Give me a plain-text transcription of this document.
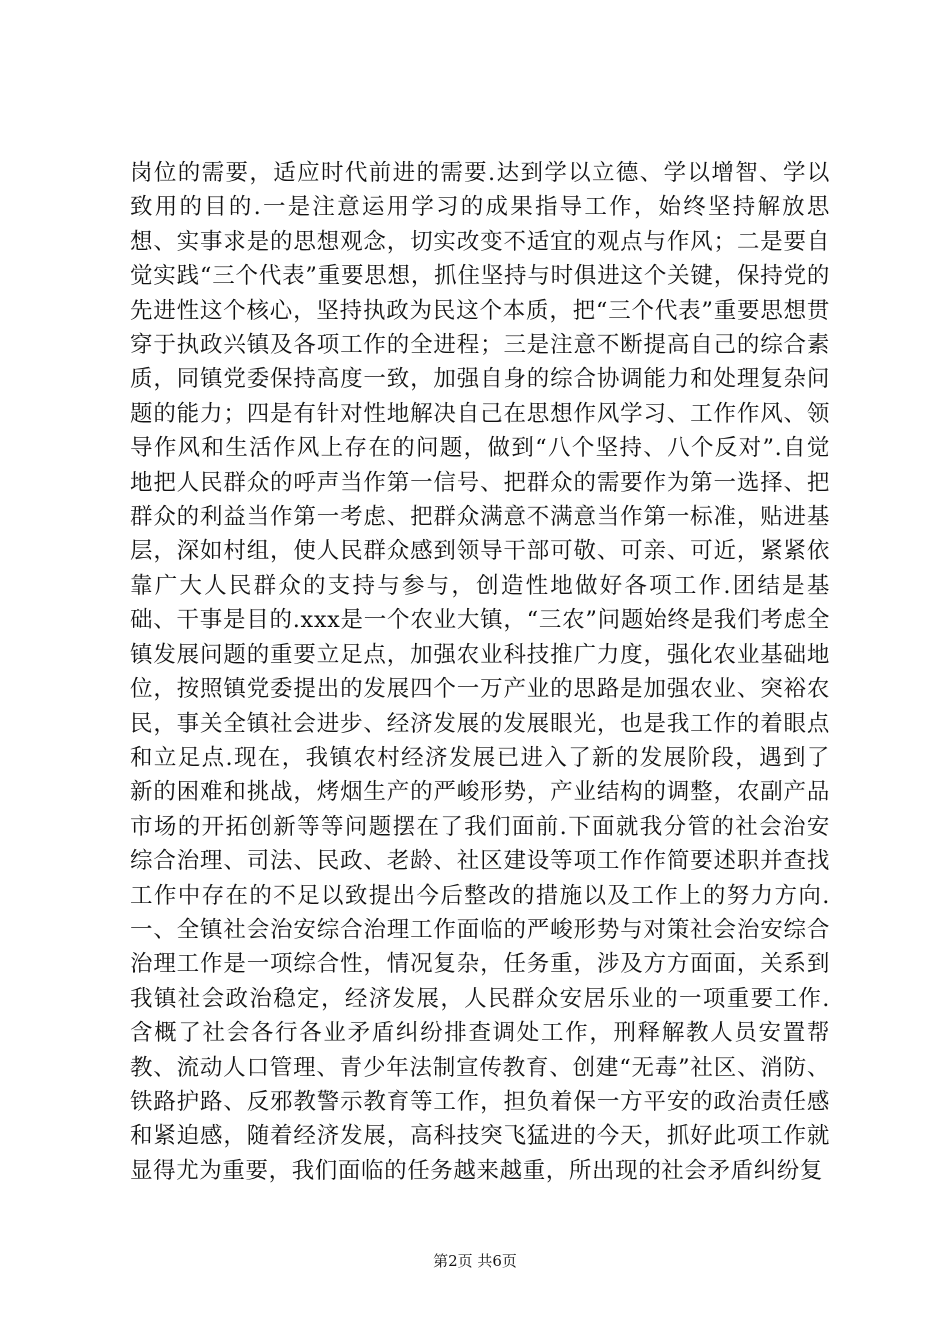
岗位的需要，适应时代前进的需要.达到学以立德、学以增智、学以致用的目的.一是注意运用学习的成果指导工作，始终坚持解放思想、实事求是的思想观念，切实改变不适宜的观点与作风；二是要自觉实践“三个代表”重要思想，抓住坚持与时俱进这个关键，保持党的先进性这个核心，坚持执政为民这个本质，把“三个代表”重要思想贯穿于执政兴镇及各项工作的全进程；三是注意不断提高自己的综合素质，同镇党委保持高度一致，加强自身的综合协调能力和处理复杂问题的能力；四是有针对性地解决自己在思想作风学习、工作作风、领导作风和生活作风上存在的问题，做到“八个坚持、八个反对”.自觉地把人民群众的呼声当作第一信号、把群众的需要作为第一选择、把群众的利益当作第一考虑、把群众满意不满意当作第一标准，贴进基层，深如村组，使人民群众感到领导干部可敬、可亲、可近，紧紧依靠广大人民群众的支持与参与，创造性地做好各项工作.团结是基础、干事是目的.xxx是一个农业大镇，“三农”问题始终是我们考虑全镇发展问题的重要立足点，加强农业科技推广力度，强化农业基础地位，按照镇党委提出的发展四个一万产业的思路是加强农业、突裕农民，事关全镇社会进步、经济发展的发展眼光，也是我工作的着眼点和立足点.现在，我镇农村经济发展已进入了新的发展阶段，遇到了新的困难和挑战，烤烟生产的严峻形势，产业结构的调整，农副产品市场的开拓创新等等问题摆在了我们面前.下面就我分管的社会治安综合治理、司法、民政、老龄、社区建设等项工作作简要述职并查找工作中存在的不足以致提出今后整改的措施以及工作上的努力方向.一、全镇社会治安综合治理工作面临的严峻形势与对策社会治安综合治理工作是一项综合性，情况复杂，任务重，涉及方方面面，关系到我镇社会政治稳定，经济发展，人民群众安居乐业的一项重要工作.含概了社会各行各业矛盾纠纷排查调处工作，刑释解教人员安置帮教、流动人口管理、青少年法制宣传教育、创建“无毒”社区、消防、铁路护路、反邪教警示教育等工作，担负着保一方平安的政治责任感和紧迫感，随着经济发展，高科技突飞猛进的今天，抓好此项工作就显得尤为重要，我们面临的任务越来越重，所出现的社会矛盾纠纷复

第2页 共6页
